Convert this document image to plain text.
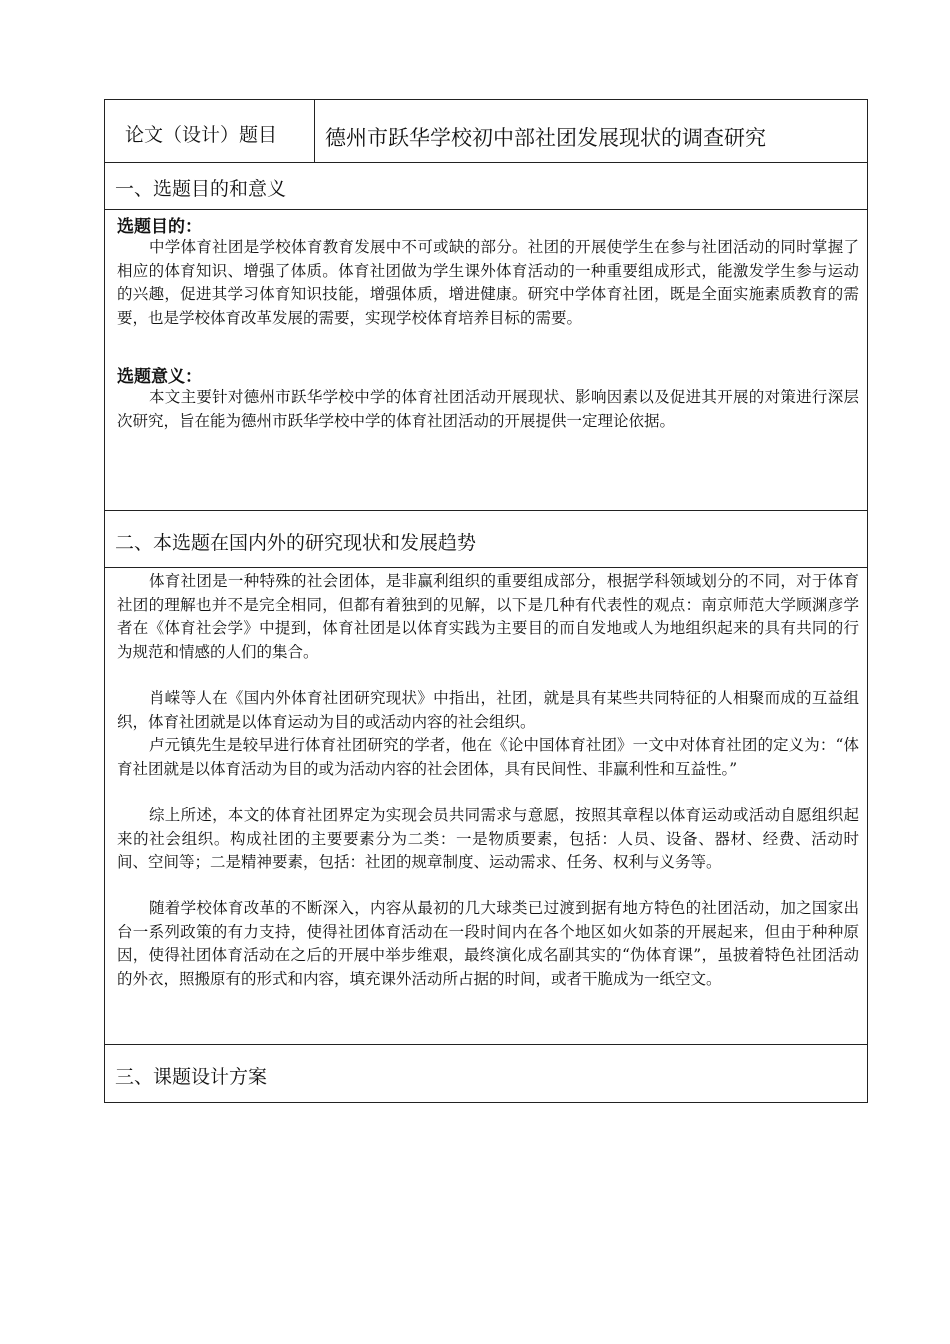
论文（设计）题目 德州市跃华学校初中部社团发展现状的调查研究
一、选题目的和意义
选题目的：

中学体育社团是学校体育教育发展中不可或缺的部分。社团的开展使学生在参与社团活动的同时掌握了相应的体育知识、增强了体质。体育社团做为学生课外体育活动的一种重要组成形式，能激发学生参与运动的兴趣，促进其学习体育知识技能，增强体质，增进健康。研究中学体育社团，既是全面实施素质教育的需要，也是学校体育改革发展的需要，实现学校体育培养目标的需要。

选题意义：

本文主要针对德州市跃华学校中学的体育社团活动开展现状、影响因素以及促进其开展的对策进行深层次研究，旨在能为德州市跃华学校中学的体育社团活动的开展提供一定理论依据。

二、本选题在国内外的研究现状和发展趋势

体育社团是一种特殊的社会团体，是非赢利组织的重要组成部分，根据学科领域划分的不同，对于体育社团的理解也并不是完全相同，但都有着独到的见解，以下是几种有代表性的观点：南京师范大学顾渊彦学者在《体育社会学》中提到，体育社团是以体育实践为主要目的而自发地或人为地组织起来的具有共同的行为规范和情感的人们的集合。

肖嵘等人在《国内外体育社团研究现状》中指出，社团，就是具有某些共同特征的人相聚而成的互益组织，体育社团就是以体育运动为目的或活动内容的社会组织。

卢元镇先生是较早进行体育社团研究的学者，他在《论中国体育社团》一文中对体育社团的定义为：“体育社团就是以体育活动为目的或为活动内容的社会团体，具有民间性、非赢利性和互益性。”

综上所述，本文的体育社团界定为实现会员共同需求与意愿，按照其章程以体育运动或活动自愿组织起来的社会组织。构成社团的主要要素分为二类：一是物质要素，包括：人员、设备、器材、经费、活动时间、空间等；二是精神要素，包括：社团的规章制度、运动需求、任务、权利与义务等。

随着学校体育改革的不断深入，内容从最初的几大球类已过渡到据有地方特色的社团活动，加之国家出台一系列政策的有力支持，使得社团体育活动在一段时间内在各个地区如火如荼的开展起来，但由于种种原因，使得社团体育活动在之后的开展中举步维艰，最终演化成名副其实的“伪体育课”，虽披着特色社团活动的外衣，照搬原有的形式和内容，填充课外活动所占据的时间，或者干脆成为一纸空文。

三、课题设计方案
